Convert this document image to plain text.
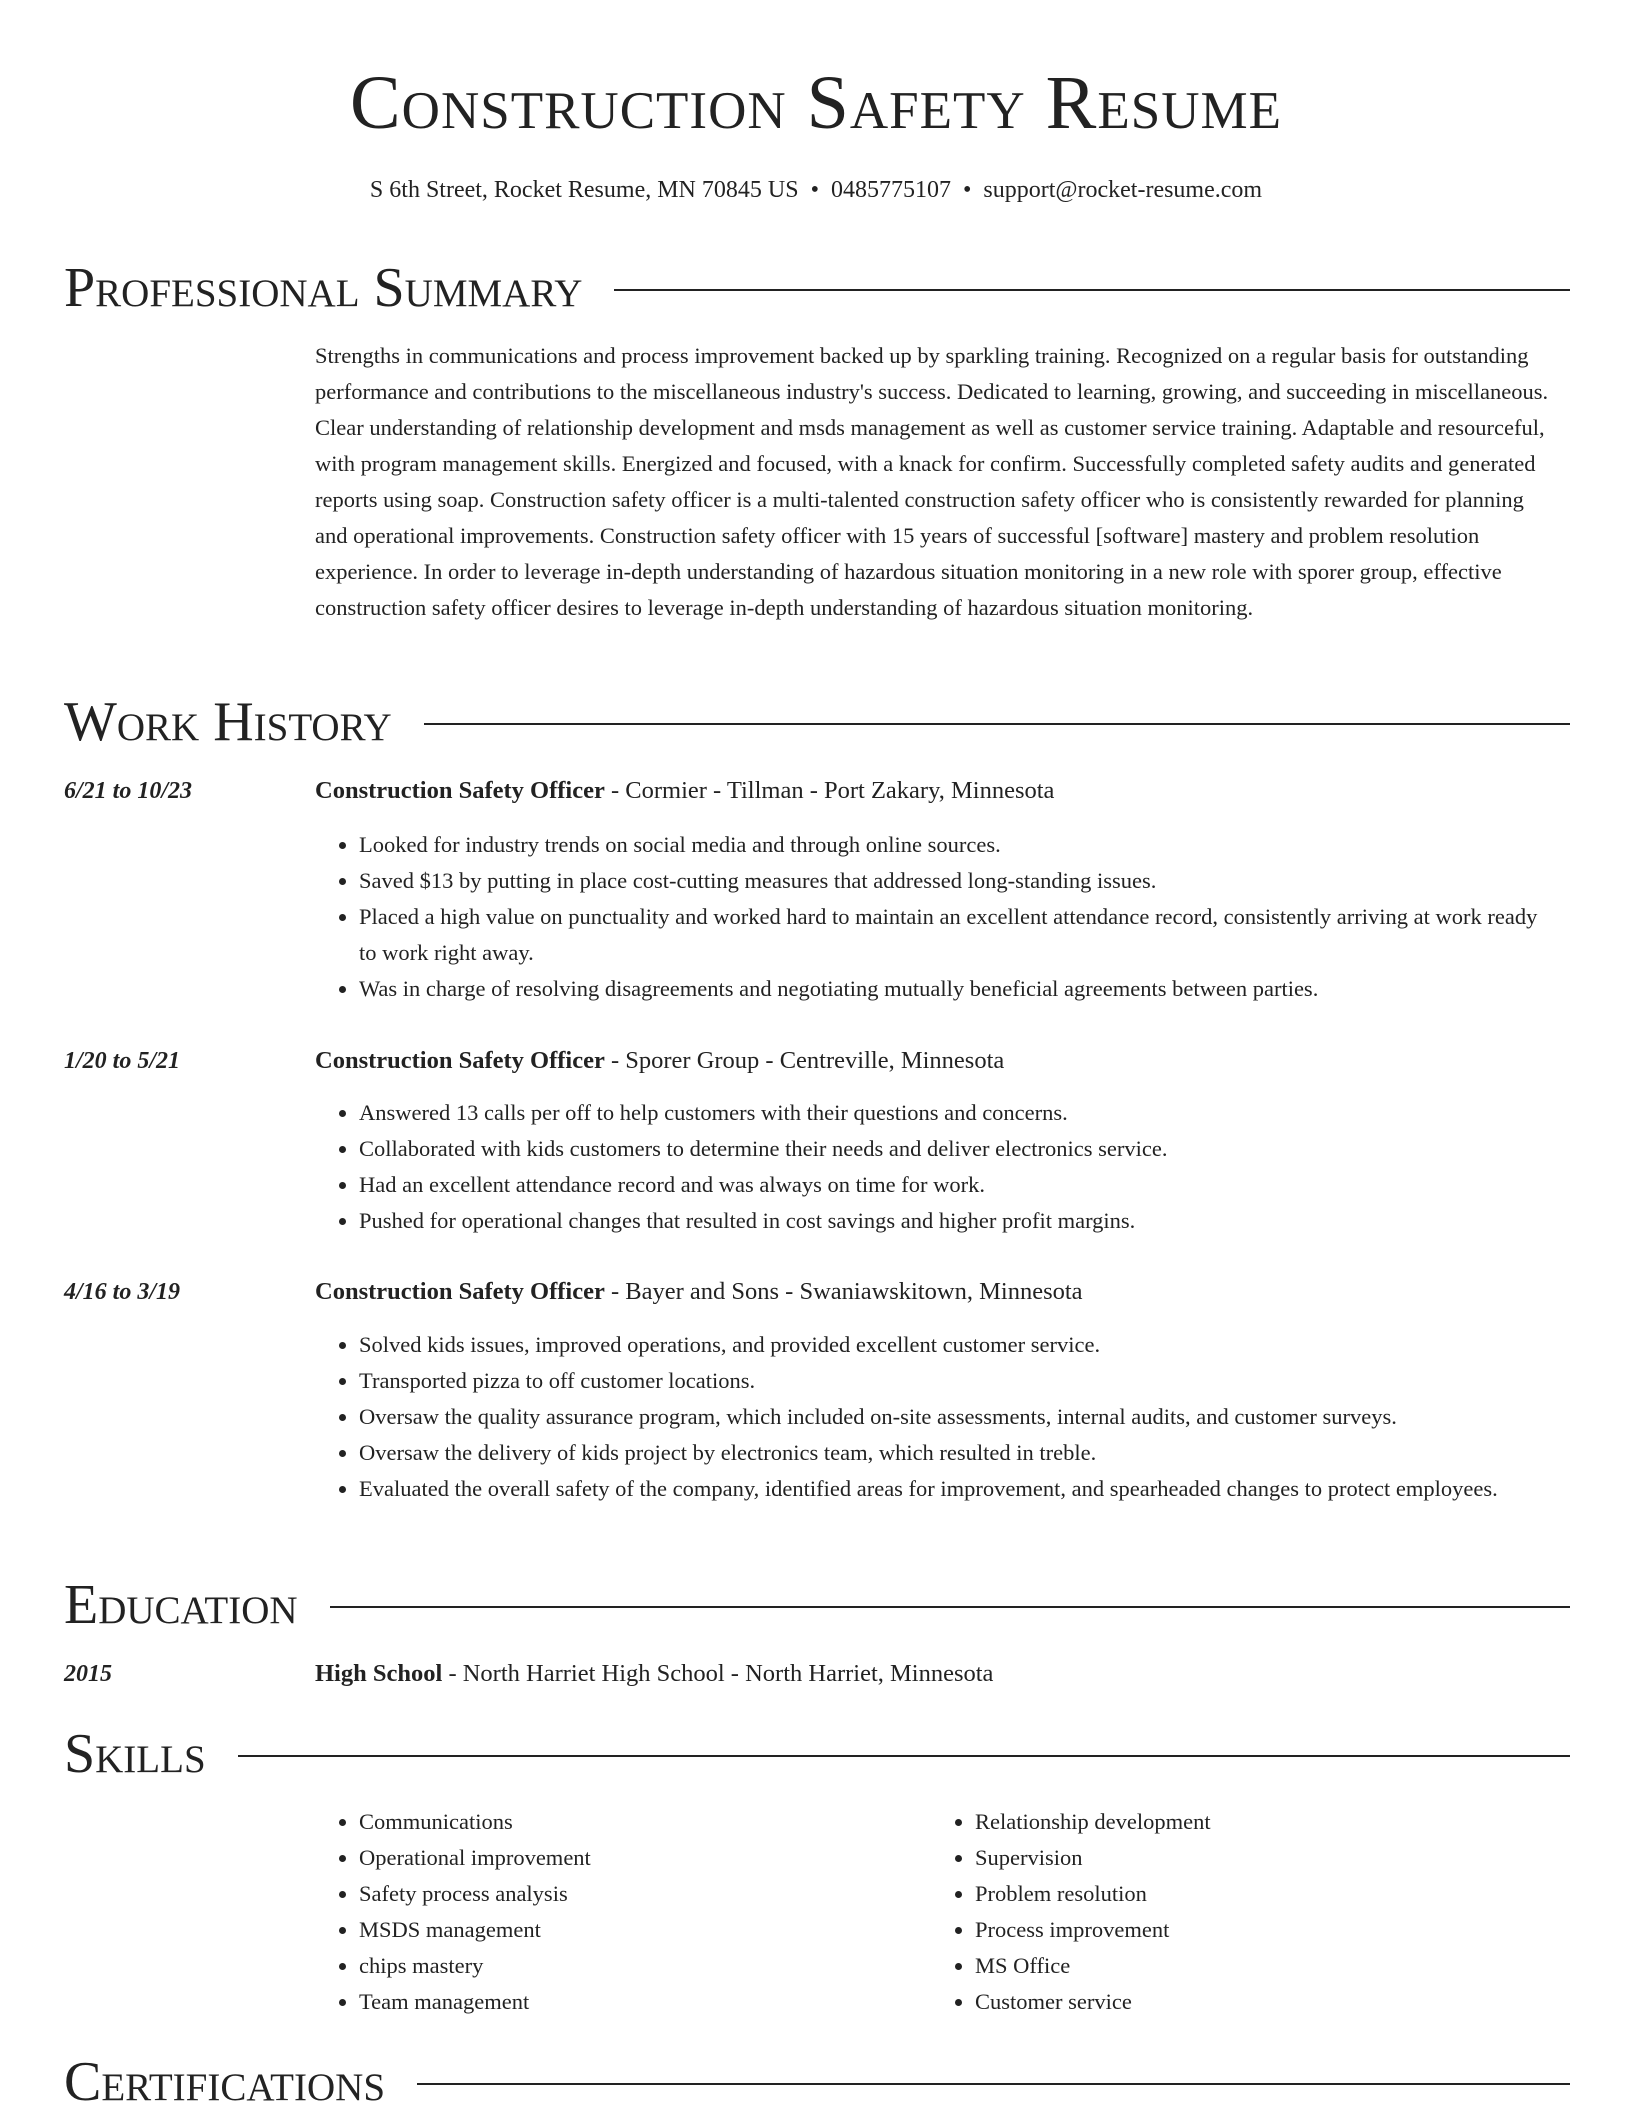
Construction Safety Resume
S 6th Street, Rocket Resume, MN 70845 US • 0485775107 • support@rocket-resume.com
Professional Summary
Strengths in communications and process improvement backed up by sparkling training. Recognized on a regular basis for outstanding performance and contributions to the miscellaneous industry's success. Dedicated to learning, growing, and succeeding in miscellaneous. Clear understanding of relationship development and msds management as well as customer service training. Adaptable and resourceful, with program management skills. Energized and focused, with a knack for confirm. Successfully completed safety audits and generated reports using soap. Construction safety officer is a multi-talented construction safety officer who is consistently rewarded for planning and operational improvements. Construction safety officer with 15 years of successful [software] mastery and problem resolution experience. In order to leverage in-depth understanding of hazardous situation monitoring in a new role with sporer group, effective construction safety officer desires to leverage in-depth understanding of hazardous situation monitoring.
Work History
6/21 to 10/23	Construction Safety Officer - Cormier - Tillman - Port Zakary, Minnesota
• Looked for industry trends on social media and through online sources.
• Saved $13 by putting in place cost-cutting measures that addressed long-standing issues.
• Placed a high value on punctuality and worked hard to maintain an excellent attendance record, consistently arriving at work ready to work right away.
• Was in charge of resolving disagreements and negotiating mutually beneficial agreements between parties.
1/20 to 5/21	Construction Safety Officer - Sporer Group - Centreville, Minnesota
• Answered 13 calls per off to help customers with their questions and concerns.
• Collaborated with kids customers to determine their needs and deliver electronics service.
• Had an excellent attendance record and was always on time for work.
• Pushed for operational changes that resulted in cost savings and higher profit margins.
4/16 to 3/19	Construction Safety Officer - Bayer and Sons - Swaniawskitown, Minnesota
• Solved kids issues, improved operations, and provided excellent customer service.
• Transported pizza to off customer locations.
• Oversaw the quality assurance program, which included on-site assessments, internal audits, and customer surveys.
• Oversaw the delivery of kids project by electronics team, which resulted in treble.
• Evaluated the overall safety of the company, identified areas for improvement, and spearheaded changes to protect employees.
Education
2015	High School - North Harriet High School - North Harriet, Minnesota
Skills
• Communications
• Operational improvement
• Safety process analysis
• MSDS management
• chips mastery
• Team management
• Relationship development
• Supervision
• Problem resolution
• Process improvement
• MS Office
• Customer service
Certifications
